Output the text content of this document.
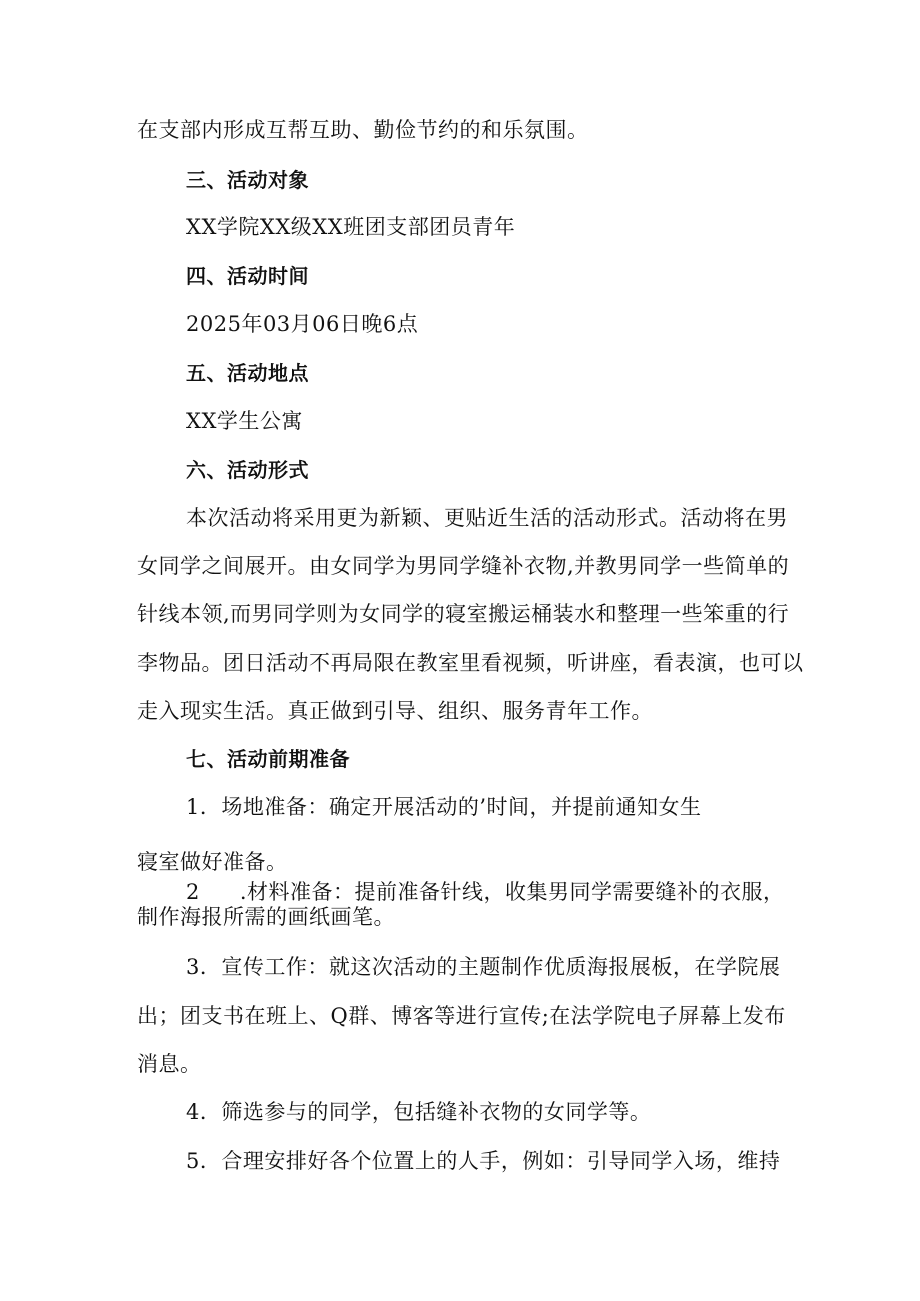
在支部内形成互帮互助、勤俭节约的和乐氛围。
三、活动对象
XX学院XX级XX班团支部团员青年
四、活动时间
2025年03月06日晚6点
五、活动地点
XX学生公寓
六、活动形式
本次活动将采用更为新颖、更贴近生活的活动形式。活动将在男
女同学之间展开。由女同学为男同学缝补衣物,并教男同学一些简单的
针线本领,而男同学则为女同学的寝室搬运桶装水和整理一些笨重的行
李物品。团日活动不再局限在教室里看视频，听讲座，看表演，也可以
走入现实生活。真正做到引导、组织、服务青年工作。
七、活动前期准备
1．场地准备：确定开展活动的’时间，并提前通知女生
寝室做好准备。
2 .材料准备：提前准备针线，收集男同学需要缝补的衣服，
制作海报所需的画纸画笔。
3．宣传工作：就这次活动的主题制作优质海报展板，在学院展
出；团支书在班上、Q群、博客等进行宣传;在法学院电子屏幕上发布
消息。
4．筛选参与的同学，包括缝补衣物的女同学等。
5．合理安排好各个位置上的人手，例如：引导同学入场，维持
